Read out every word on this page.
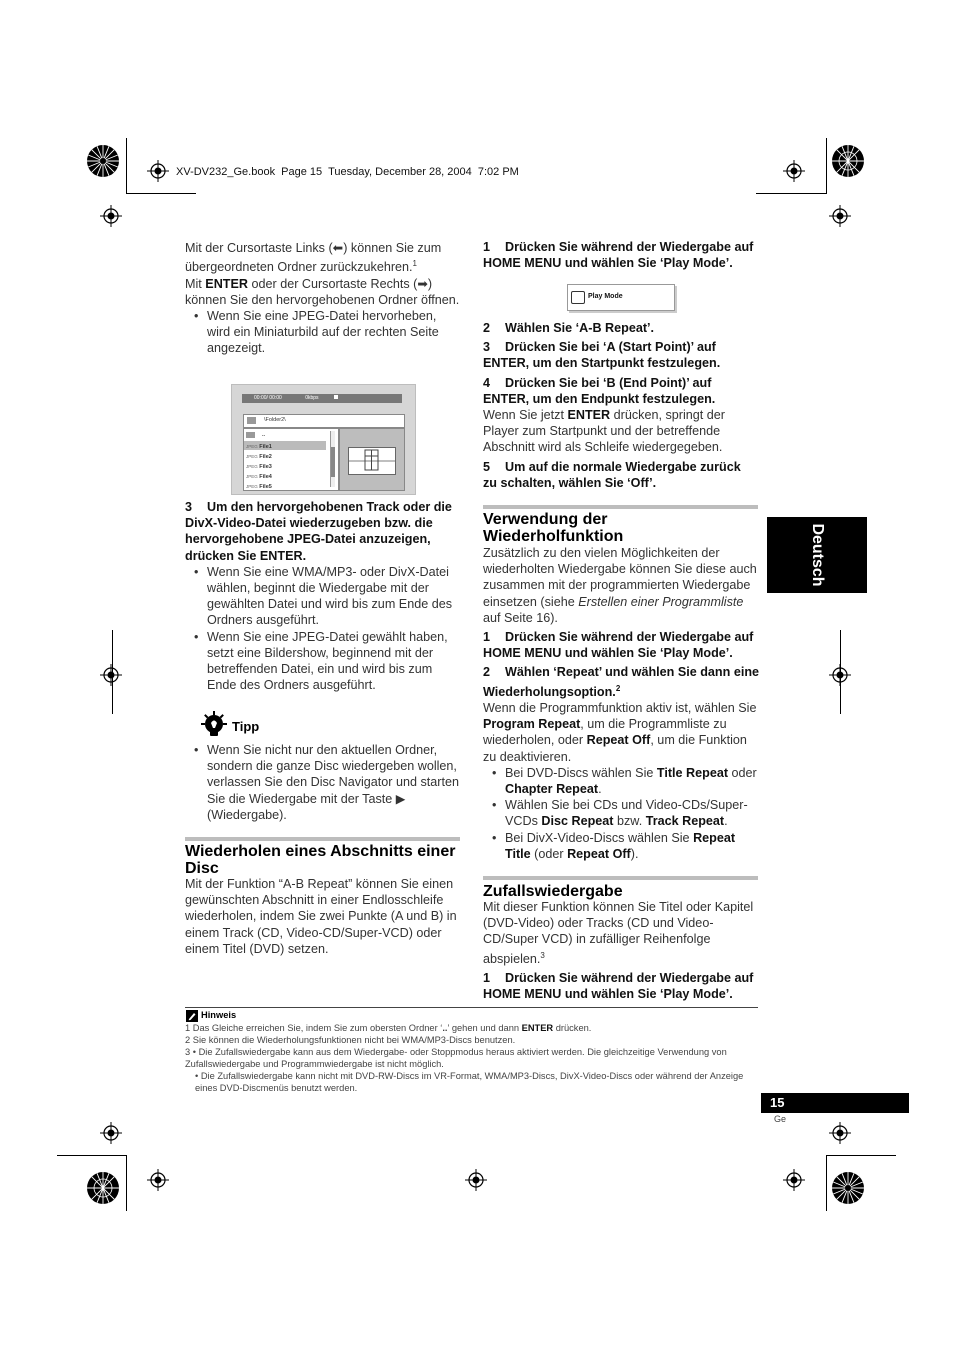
XV-DV232_Ge.book  Page 15  Tuesday, December 28, 2004  7:02 PM
Deutsch

Mit der Cursortaste Links (⬅) können Sie zum übergeordneten Ordner zurückzukehren.$^1$

Mit ENTER oder der Cursortaste Rechts (➡) können Sie den hervorgehobenen Ordner öffnen.

• Wenn Sie eine JPEG-Datei hervorheben, wird ein Miniaturbild auf der rechten Seite angezeigt.

00:00/ 00:00	0kbps
\Folder2\
..
JPEG File1
JPEG File2
JPEG File3
JPEG File4
JPEG File5

3 Um den hervorgehobenen Track oder die DivX-Video-Datei wiederzugeben bzw. die hervorgehobene JPEG-Datei anzuzeigen, drücken Sie ENTER.

• Wenn Sie eine WMA/MP3- oder DivX-Datei wählen, beginnt die Wiedergabe mit der gewählten Datei und wird bis zum Ende des Ordners ausgeführt.

• Wenn Sie eine JPEG-Datei gewählt haben, setzt eine Bildershow, beginnend mit der betreffenden Datei, ein und wird bis zum Ende des Ordners ausgeführt.

Tipp

• Wenn Sie nicht nur den aktuellen Ordner, sondern die ganze Disc wiedergeben wollen, verlassen Sie den Disc Navigator und starten Sie die Wiedergabe mit der Taste ▶ (Wiedergabe).

Wiederholen eines Abschnitts einer Disc

Mit der Funktion “A-B Repeat” können Sie einen gewünschten Abschnitt in einer Endlosschleife wiederholen, indem Sie zwei Punkte (A und B) in einem Track (CD, Video-CD/Super-VCD) oder einem Titel (DVD) setzen.

1 Drücken Sie während der Wiedergabe auf HOME MENU und wählen Sie ‘Play Mode’.

Play Mode

2 Wählen Sie ‘A-B Repeat’.

3 Drücken Sie bei ‘A (Start Point)’ auf ENTER, um den Startpunkt festzulegen.

4 Drücken Sie bei ‘B (End Point)’ auf ENTER, um den Endpunkt festzulegen.

Wenn Sie jetzt ENTER drücken, springt der Player zum Startpunkt und der betreffende Abschnitt wird als Schleife wiedergegeben.

5 Um auf die normale Wiedergabe zurück zu schalten, wählen Sie ‘Off’.

Verwendung der Wiederholfunktion

Zusätzlich zu den vielen Möglichkeiten der wiederholten Wiedergabe können Sie diese auch zusammen mit der programmierten Wiedergabe einsetzen (siehe Erstellen einer Programmliste auf Seite 16).

1 Drücken Sie während der Wiedergabe auf HOME MENU und wählen Sie ‘Play Mode’.

2 Wählen ‘Repeat’ und wählen Sie dann eine Wiederholungsoption.$^2$

Wenn die Programmfunktion aktiv ist, wählen Sie Program Repeat, um die Programmliste zu wiederholen, oder Repeat Off, um die Funktion zu deaktivieren.

• Bei DVD-Discs wählen Sie Title Repeat oder Chapter Repeat.

• Wählen Sie bei CDs und Video-CDs/Super-VCDs Disc Repeat bzw. Track Repeat.

• Bei DivX-Video-Discs wählen Sie Repeat Title (oder Repeat Off).

Zufallswiedergabe

Mit dieser Funktion können Sie Titel oder Kapitel (DVD-Video) oder Tracks (CD und Video-CD/Super VCD) in zufälliger Reihenfolge abspielen.$^3$

1 Drücken Sie während der Wiedergabe auf HOME MENU und wählen Sie ‘Play Mode’.

Hinweis
1 Das Gleiche erreichen Sie, indem Sie zum obersten Ordner ‘..’ gehen und dann ENTER drücken.
2 Sie können die Wiederholungsfunktionen nicht bei WMA/MP3-Discs benutzen.
3 • Die Zufallswiedergabe kann aus dem Wiedergabe- oder Stoppmodus heraus aktiviert werden. Die gleichzeitige Verwendung von Zufallswiedergabe und Programmwiedergabe ist nicht möglich.
• Die Zufallswiedergabe kann nicht mit DVD-RW-Discs im VR-Format, WMA/MP3-Discs, DivX-Video-Discs oder während der Anzeige eines DVD-Discmenüs benutzt werden.
15
Ge
